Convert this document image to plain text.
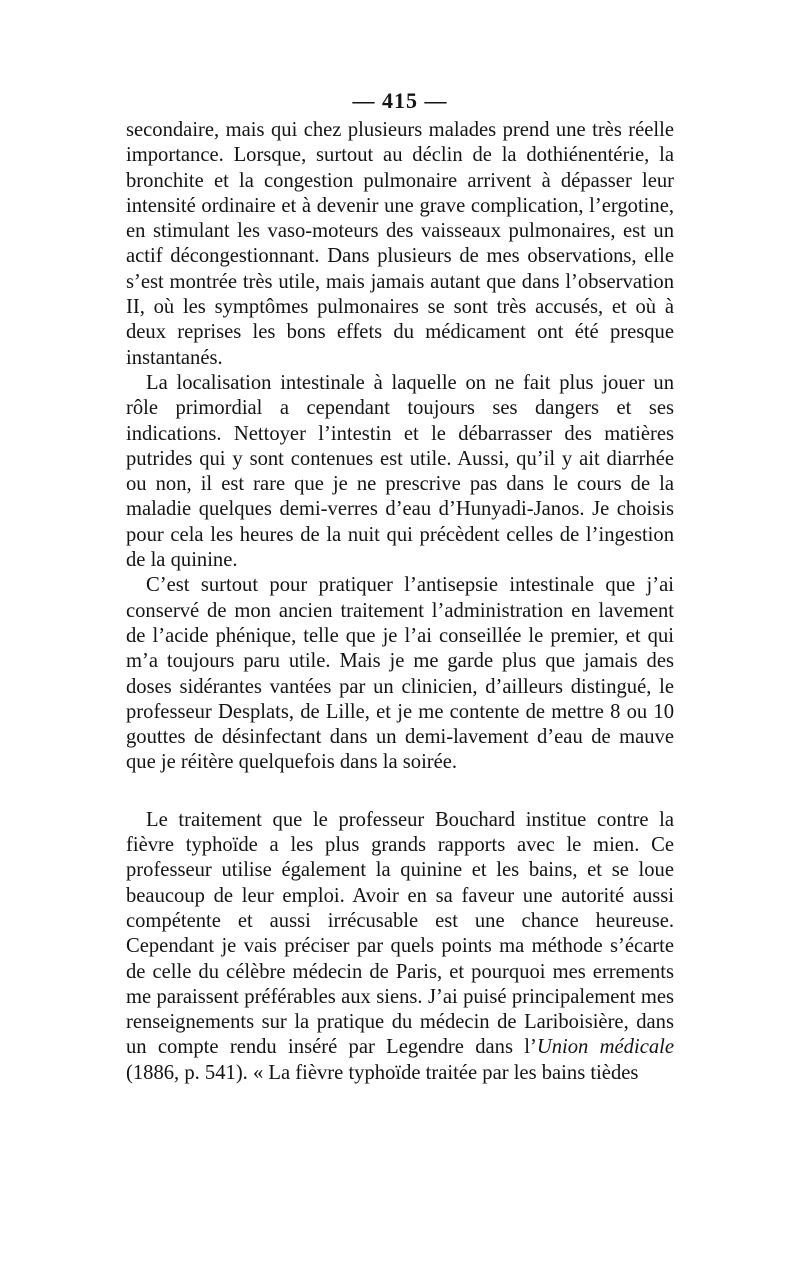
— 415 —

secondaire, mais qui chez plusieurs malades prend une très réelle importance. Lorsque, surtout au déclin de la dothiénentérie, la bronchite et la congestion pulmonaire arrivent à dépasser leur intensité ordinaire et à devenir une grave complication, l’ergotine, en stimulant les vaso-moteurs des vaisseaux pulmonaires, est un actif décongestionnant. Dans plusieurs de mes observations, elle s’est montrée très utile, mais jamais autant que dans l’observation II, où les symptômes pulmonaires se sont très accusés, et où à deux reprises les bons effets du médicament ont été presque instantanés.

La localisation intestinale à laquelle on ne fait plus jouer un rôle primordial a cependant toujours ses dangers et ses indications. Nettoyer l’intestin et le débarrasser des matières putrides qui y sont contenues est utile. Aussi, qu’il y ait diarrhée ou non, il est rare que je ne prescrive pas dans le cours de la maladie quelques demi-verres d’eau d’Hunyadi-Janos. Je choisis pour cela les heures de la nuit qui précèdent celles de l’ingestion de la quinine.

C’est surtout pour pratiquer l’antisepsie intestinale que j’ai conservé de mon ancien traitement l’administration en lavement de l’acide phénique, telle que je l’ai conseillée le premier, et qui m’a toujours paru utile. Mais je me garde plus que jamais des doses sidérantes vantées par un clinicien, d’ailleurs distingué, le professeur Desplats, de Lille, et je me contente de mettre 8 ou 10 gouttes de désinfectant dans un demi-lavement d’eau de mauve que je réitère quelquefois dans la soirée.

Le traitement que le professeur Bouchard institue contre la fièvre typhoïde a les plus grands rapports avec le mien. Ce professeur utilise également la quinine et les bains, et se loue beaucoup de leur emploi. Avoir en sa faveur une autorité aussi compétente et aussi irrécusable est une chance heureuse. Cependant je vais préciser par quels points ma méthode s’écarte de celle du célèbre médecin de Paris, et pourquoi mes errements me paraissent préférables aux siens. J’ai puisé principalement mes renseignements sur la pratique du médecin de Lariboisière, dans un compte rendu inséré par Legendre dans l’Union médicale (1886, p. 541). « La fièvre typhoïde traitée par les bains tièdes
